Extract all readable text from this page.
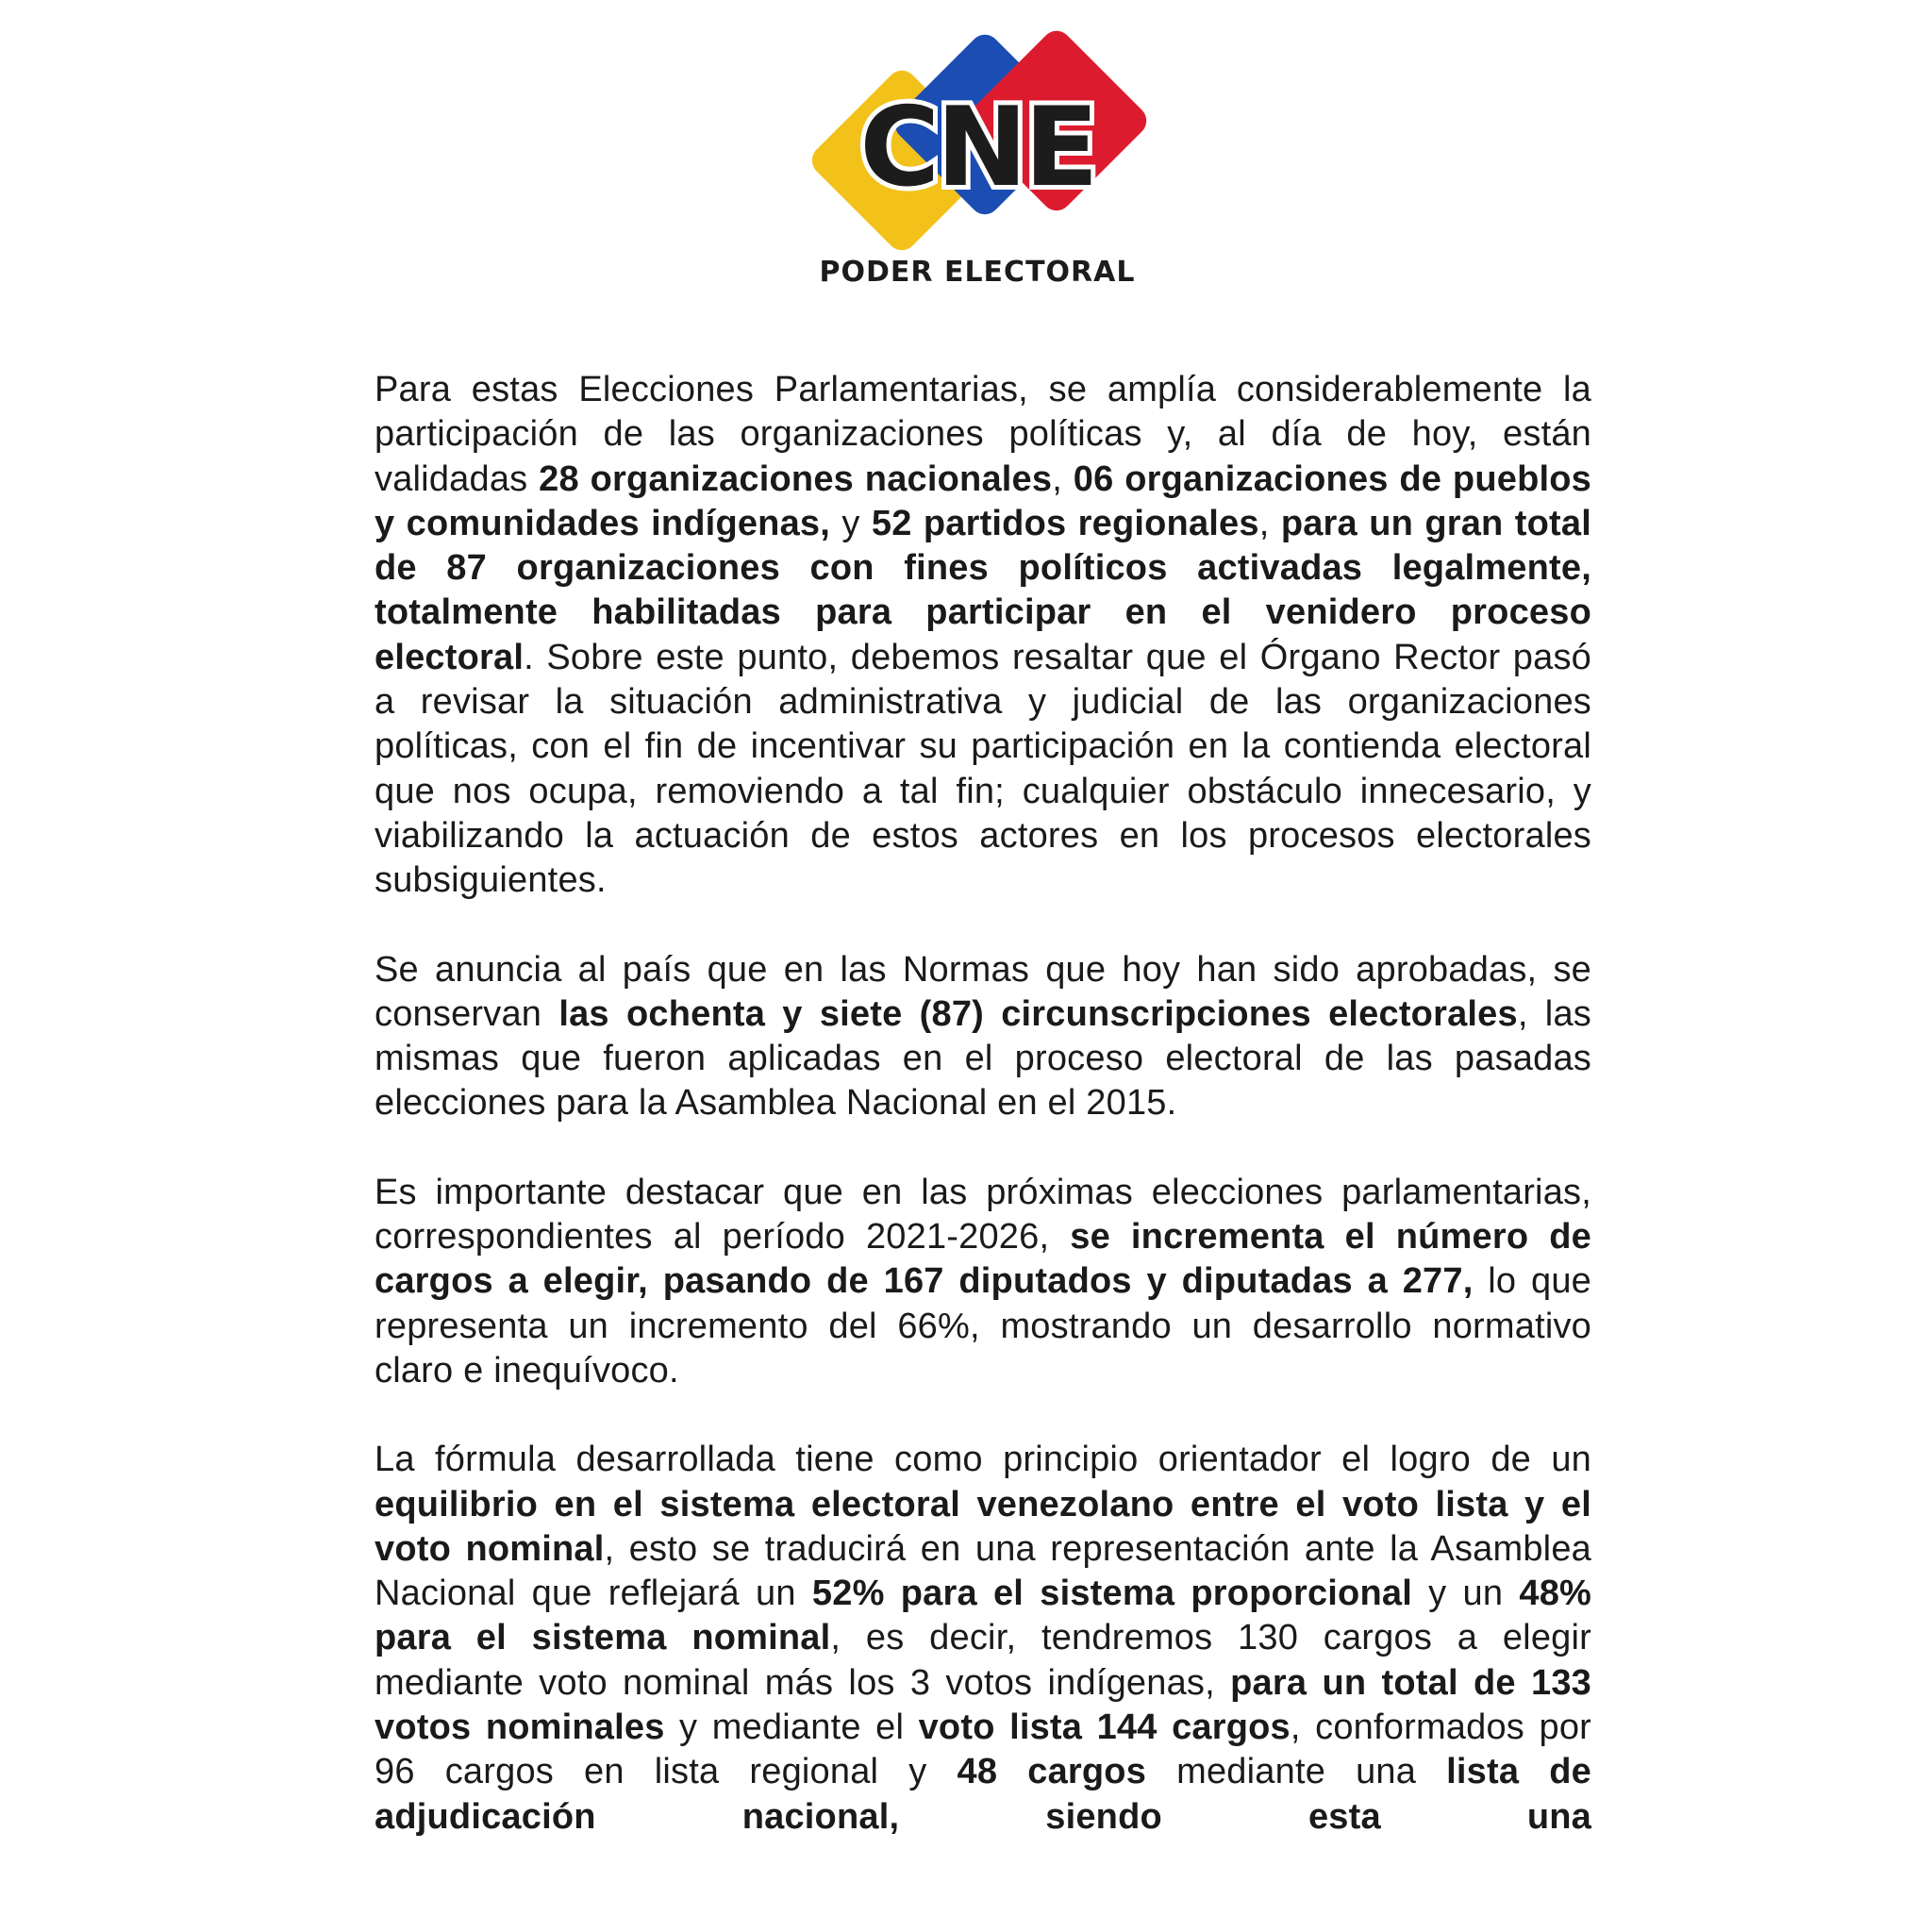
CNE
PODER ELECTORAL

Para estas Elecciones Parlamentarias, se amplía considerablemente la participación de las organizaciones políticas y, al día de hoy, están validadas 28 organizaciones nacionales, 06 organizaciones de pueblos y comunidades indígenas, y 52 partidos regionales, para un gran total de 87 organizaciones con fines políticos activadas legalmente, totalmente habilitadas para participar en el venidero proceso electoral. Sobre este punto, debemos resaltar que el Órgano Rector pasó a revisar la situación administrativa y judicial de las organizaciones políticas, con el fin de incentivar su participación en la contienda electoral que nos ocupa, removiendo a tal fin; cualquier obstáculo innecesario, y viabilizando la actuación de estos actores en los procesos electorales subsiguientes.

Se anuncia al país que en las Normas que hoy han sido aprobadas, se conservan las ochenta y siete (87) circunscripciones electorales, las mismas que fueron aplicadas en el proceso electoral de las pasadas elecciones para la Asamblea Nacional en el 2015.

Es importante destacar que en las próximas elecciones parlamentarias, correspondientes al período 2021-2026, se incrementa el número de cargos a elegir, pasando de 167 diputados y diputadas a 277, lo que representa un incremento del 66%, mostrando un desarrollo normativo claro e inequívoco.

La fórmula desarrollada tiene como principio orientador el logro de un equilibrio en el sistema electoral venezolano entre el voto lista y el voto nominal, esto se traducirá en una representación ante la Asamblea Nacional que reflejará un 52% para el sistema proporcional y un 48% para el sistema nominal, es decir, tendremos 130 cargos a elegir mediante voto nominal más los 3 votos indígenas, para un total de 133 votos nominales y mediante el voto lista 144 cargos, conformados por 96 cargos en lista regional y 48 cargos mediante una lista de adjudicación nacional, siendo esta una
